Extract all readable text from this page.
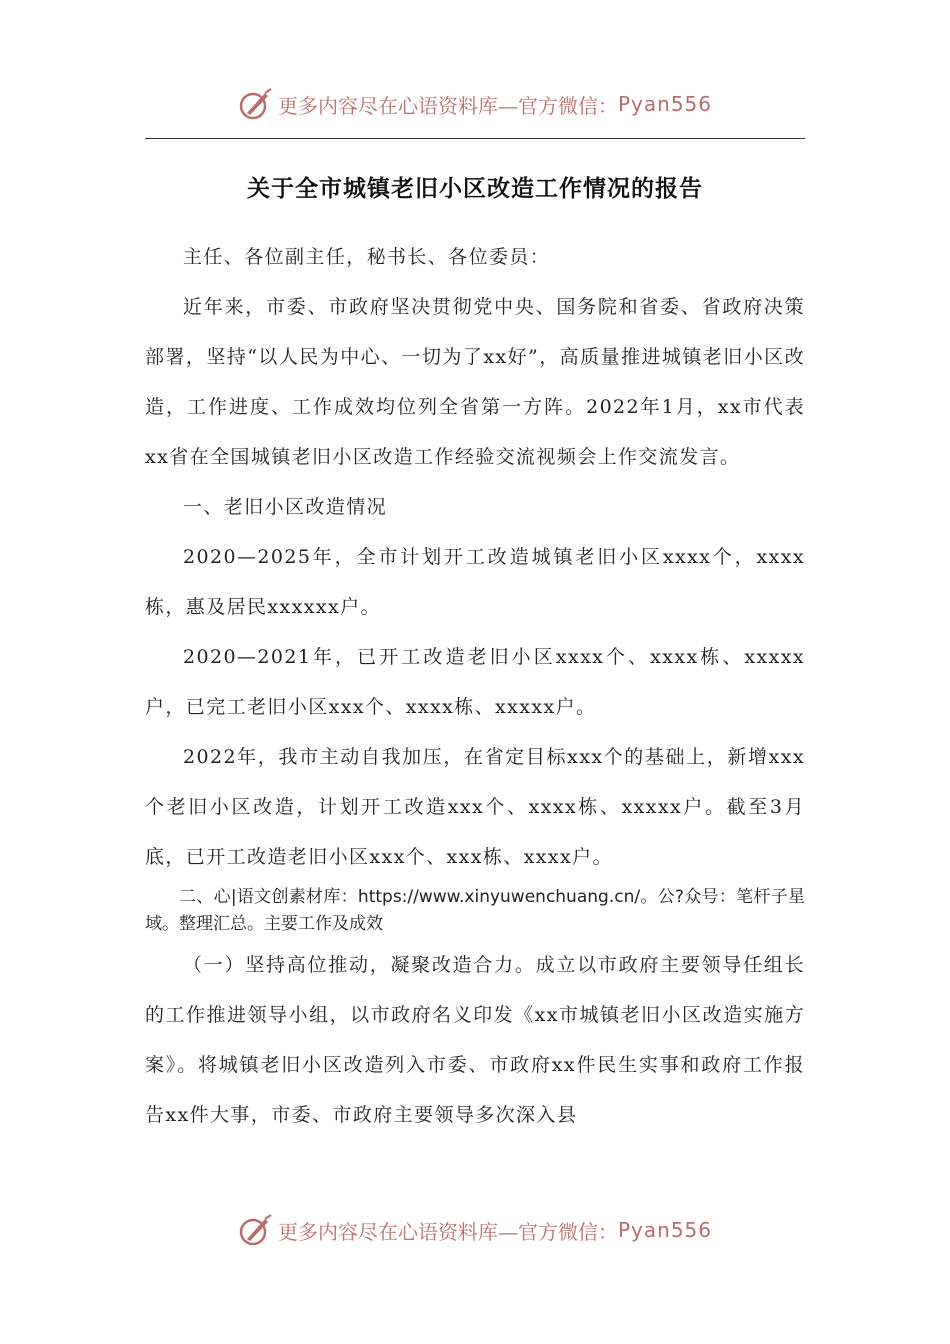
更多内容尽在心语资料库—官方微信： Pyan556
关于全市城镇老旧小区改造工作情况的报告

主任、各位副主任，秘书长、各位委员：

近年来，市委、市政府坚决贯彻党中央、国务院和省委、省政府决策部署，坚持“以人民为中心、一切为了xx好”，高质量推进城镇老旧小区改造，工作进度、工作成效均位列全省第一方阵。2022年1月，xx市代表xx省在全国城镇老旧小区改造工作经验交流视频会上作交流发言。

一、老旧小区改造情况

2020—2025年，全市计划开工改造城镇老旧小区xxxx个，xxxx栋，惠及居民xxxxxx户。

2020—2021年，已开工改造老旧小区xxxx个、xxxx栋、xxxxx户，已完工老旧小区xxx个、xxxx栋、xxxxx户。

2022年，我市主动自我加压，在省定目标xxx个的基础上，新增xxx个老旧小区改造，计划开工改造xxx个、xxxx栋、xxxxx户。截至3月底，已开工改造老旧小区xxx个、xxx栋、xxxx户。

二、心|语文创素材库：https://www.xinyuwenchuang.cn/。公?众号：笔杆子星域。整理汇总。主要工作及成效

（一）坚持高位推动，凝聚改造合力。成立以市政府主要领导任组长的工作推进领导小组，以市政府名义印发《xx市城镇老旧小区改造实施方案》。将城镇老旧小区改造列入市委、市政府xx件民生实事和政府工作报告xx件大事，市委、市政府主要领导多次深入县

更多内容尽在心语资料库—官方微信： Pyan556
